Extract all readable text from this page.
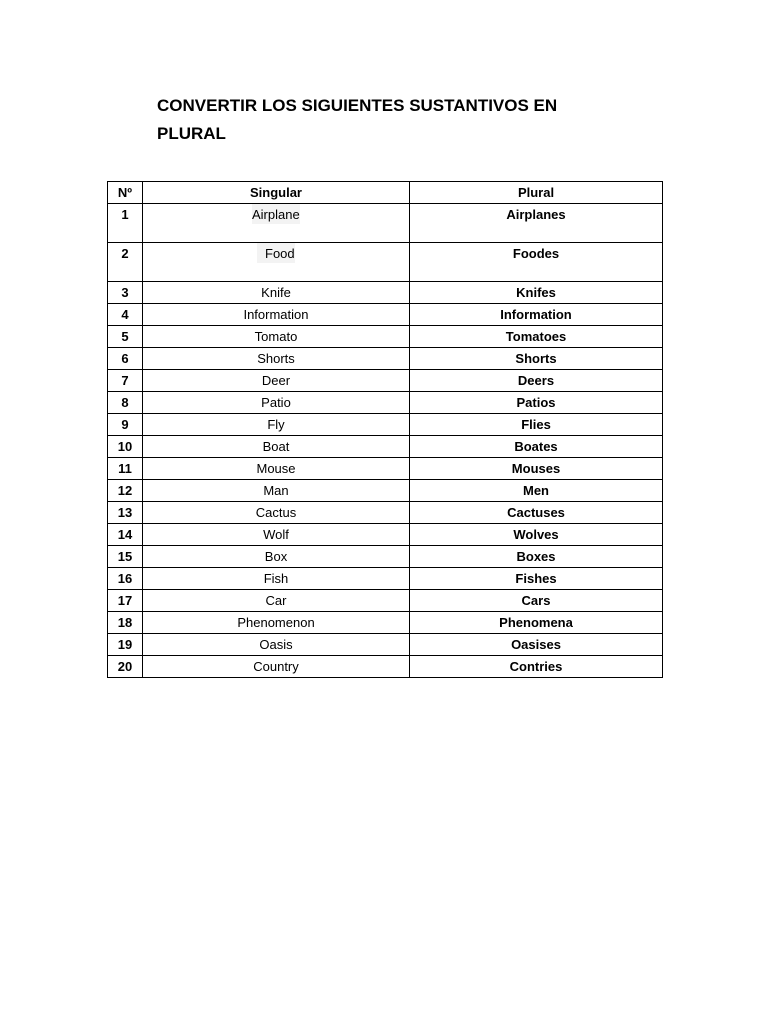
CONVERTIR LOS SIGUIENTES SUSTANTIVOS EN PLURAL
Nº	Singular	Plural
1	Airplane	Airplanes
2	Food	Foodes
3	Knife	Knifes
4	Information	Information
5	Tomato	Tomatoes
6	Shorts	Shorts
7	Deer	Deers
8	Patio	Patios
9	Fly	Flies
10	Boat	Boates
11	Mouse	Mouses
12	Man	Men
13	Cactus	Cactuses
14	Wolf	Wolves
15	Box	Boxes
16	Fish	Fishes
17	Car	Cars
18	Phenomenon	Phenomena
19	Oasis	Oasises
20	Country	Contries
